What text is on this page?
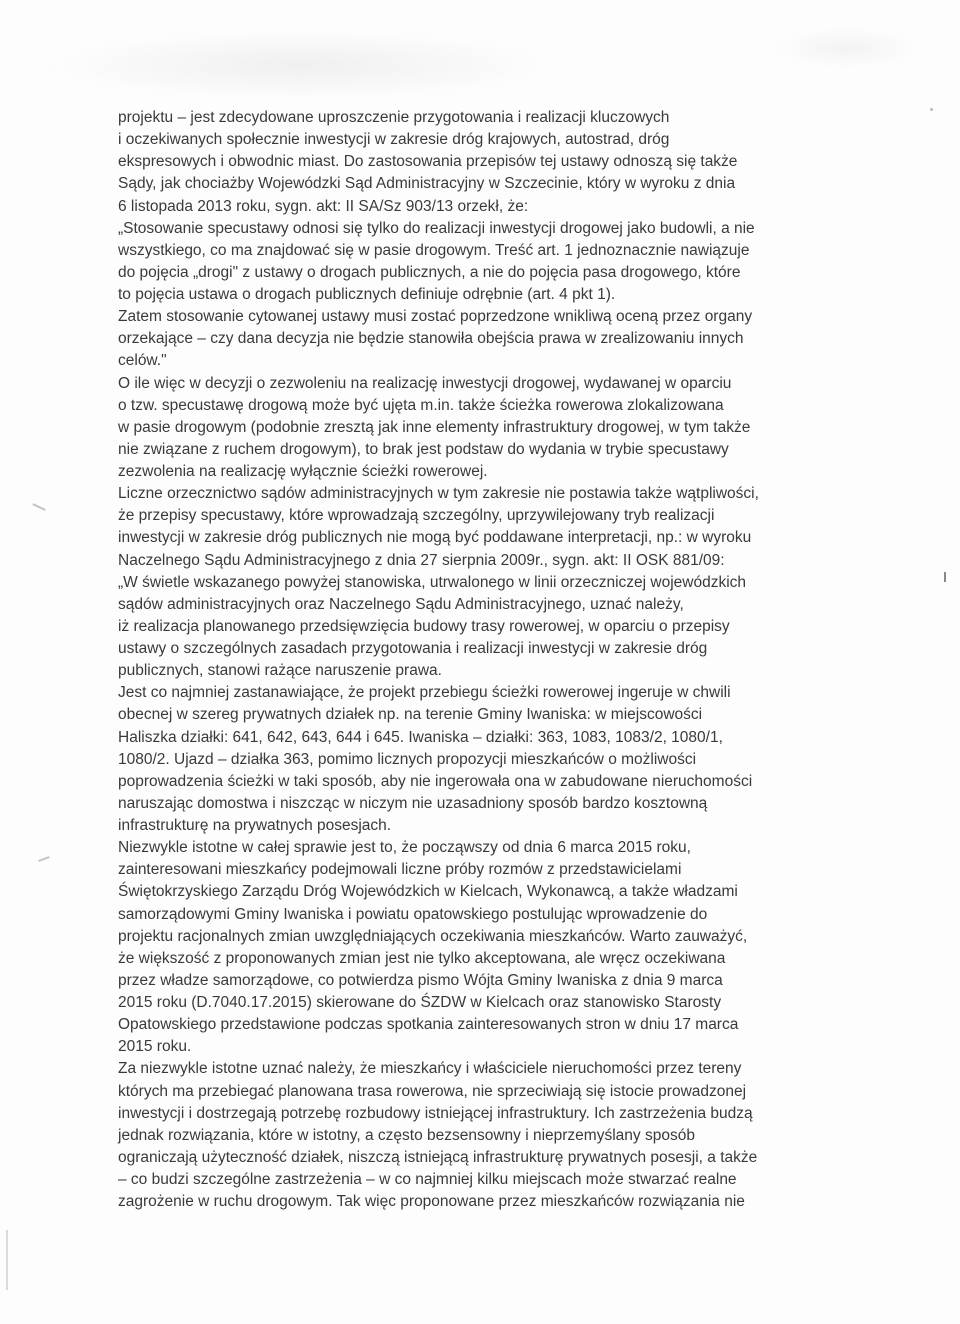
projektu – jest zdecydowane uproszczenie przygotowania i realizacji kluczowych
i oczekiwanych społecznie inwestycji w zakresie dróg krajowych, autostrad, dróg
ekspresowych i obwodnic miast. Do zastosowania przepisów tej ustawy odnoszą się także
Sądy, jak chociażby Wojewódzki Sąd Administracyjny w Szczecinie, który w wyroku z dnia
6 listopada 2013 roku, sygn. akt: II SA/Sz 903/13 orzekł, że:
„Stosowanie specustawy odnosi się tylko do realizacji inwestycji drogowej jako budowli, a nie
wszystkiego, co ma znajdować się w pasie drogowym. Treść art. 1 jednoznacznie nawiązuje
do pojęcia „drogi" z ustawy o drogach publicznych, a nie do pojęcia pasa drogowego, które
to pojęcia ustawa o drogach publicznych definiuje odrębnie (art. 4 pkt 1).
Zatem stosowanie cytowanej ustawy musi zostać poprzedzone wnikliwą oceną przez organy
orzekające – czy dana decyzja nie będzie stanowiła obejścia prawa w zrealizowaniu innych
celów."
O ile więc w decyzji o zezwoleniu na realizację inwestycji drogowej, wydawanej w oparciu
o tzw. specustawę drogową może być ujęta m.in. także ścieżka rowerowa zlokalizowana
w pasie drogowym (podobnie zresztą jak inne elementy infrastruktury drogowej, w tym także
nie związane z ruchem drogowym), to brak jest podstaw do wydania w trybie specustawy
zezwolenia na realizację wyłącznie ścieżki rowerowej.
Liczne orzecznictwo sądów administracyjnych w tym zakresie nie postawia także wątpliwości,
że przepisy specustawy, które wprowadzają szczególny, uprzywilejowany tryb realizacji
inwestycji w zakresie dróg publicznych nie mogą być poddawane interpretacji, np.: w wyroku
Naczelnego Sądu Administracyjnego z dnia 27 sierpnia 2009r., sygn. akt: II OSK 881/09:
„W świetle wskazanego powyżej stanowiska, utrwalonego w linii orzeczniczej wojewódzkich
sądów administracyjnych oraz Naczelnego Sądu Administracyjnego, uznać należy,
iż realizacja planowanego przedsięwzięcia budowy trasy rowerowej, w oparciu o przepisy
ustawy o szczególnych zasadach przygotowania i realizacji inwestycji w zakresie dróg
publicznych, stanowi rażące naruszenie prawa.
Jest co najmniej zastanawiające, że projekt przebiegu ścieżki rowerowej ingeruje w chwili
obecnej w szereg prywatnych działek np. na terenie Gminy Iwaniska: w miejscowości
Haliszka działki: 641, 642, 643, 644 i 645. Iwaniska – działki: 363, 1083, 1083/2, 1080/1,
1080/2. Ujazd – działka 363, pomimo licznych propozycji mieszkańców o możliwości
poprowadzenia ścieżki w taki sposób, aby nie ingerowała ona w zabudowane nieruchomości
naruszając domostwa i niszcząc w niczym nie uzasadniony sposób bardzo kosztowną
infrastrukturę na prywatnych posesjach.
Niezwykle istotne w całej sprawie jest to, że począwszy od dnia 6 marca 2015 roku,
zainteresowani mieszkańcy podejmowali liczne próby rozmów z przedstawicielami
Świętokrzyskiego Zarządu Dróg Wojewódzkich w Kielcach, Wykonawcą, a także władzami
samorządowymi Gminy Iwaniska i powiatu opatowskiego postulując wprowadzenie do
projektu racjonalnych zmian uwzględniających oczekiwania mieszkańców. Warto zauważyć,
że większość z proponowanych zmian jest nie tylko akceptowana, ale wręcz oczekiwana
przez władze samorządowe, co potwierdza pismo Wójta Gminy Iwaniska z dnia 9 marca
2015 roku (D.7040.17.2015) skierowane do ŚZDW w Kielcach oraz stanowisko Starosty
Opatowskiego przedstawione podczas spotkania zainteresowanych stron w dniu 17 marca
2015 roku.
Za niezwykle istotne uznać należy, że mieszkańcy i właściciele nieruchomości przez tereny
których ma przebiegać planowana trasa rowerowa, nie sprzeciwiają się istocie prowadzonej
inwestycji i dostrzegają potrzebę rozbudowy istniejącej infrastruktury. Ich zastrzeżenia budzą
jednak rozwiązania, które w istotny, a często bezsensowny i nieprzemyślany sposób
ograniczają użyteczność działek, niszczą istniejącą infrastrukturę prywatnych posesji, a także
– co budzi szczególne zastrzeżenia – w co najmniej kilku miejscach może stwarzać realne
zagrożenie w ruchu drogowym. Tak więc proponowane przez mieszkańców rozwiązania nie
